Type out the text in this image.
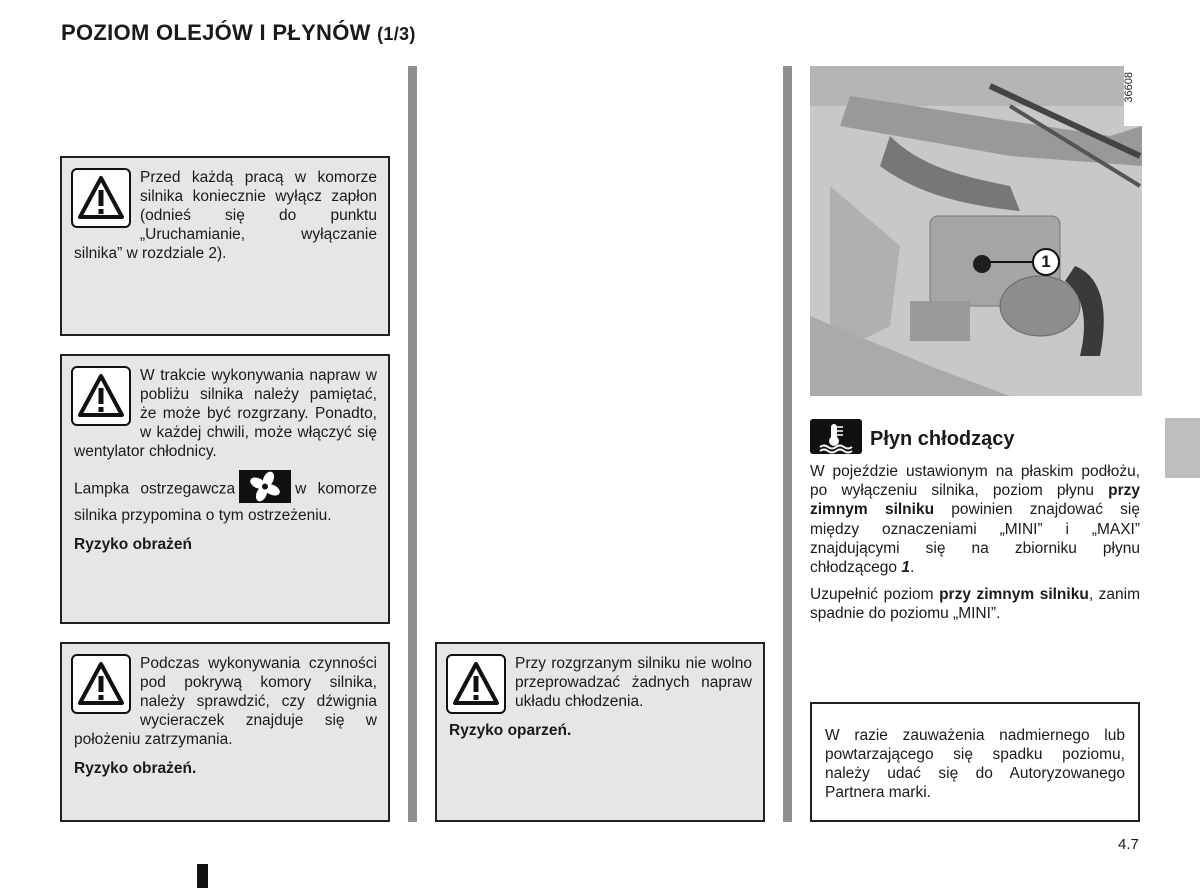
POZIOM OLEJÓW I PŁYNÓW (1/3)
Przed każdą pracą w komorze silnika koniecznie wyłącz zapłon (odnieś się do punktu „Uruchamianie, wyłączanie silnika” w rozdziale 2).
W trakcie wykonywania napraw w pobliżu silnika należy pamiętać, że może być rozgrzany. Ponadto, w każdej chwili, może włączyć się wentylator chłodnicy.
Lampka ostrzegawcza	w komorze silnika przypomina o tym ostrzeżeniu.
Ryzyko obrażeń
Podczas wykonywania czynności pod pokrywą komory silnika, należy sprawdzić, czy dźwignia wycieraczek znajduje się w położeniu zatrzymania.
Ryzyko obrażeń.
Przy rozgrzanym silniku nie wolno przeprowadzać żadnych napraw układu chłodzenia.
Ryzyko oparzeń.
1
36608
Płyn chłodzący
W pojeździe ustawionym na płaskim podłożu, po wyłączeniu silnika, poziom płynu przy zimnym silniku powinien znajdować się między oznaczeniami „MINI” i „MAXI” znajdującymi się na zbiorniku płynu chłodzącego 1.
Uzupełnić poziom przy zimnym silniku, zanim spadnie do poziomu „MINI”.
W razie zauważenia nadmiernego lub powtarzającego się spadku poziomu, należy udać się do Autoryzowanego Partnera marki.
4.7
